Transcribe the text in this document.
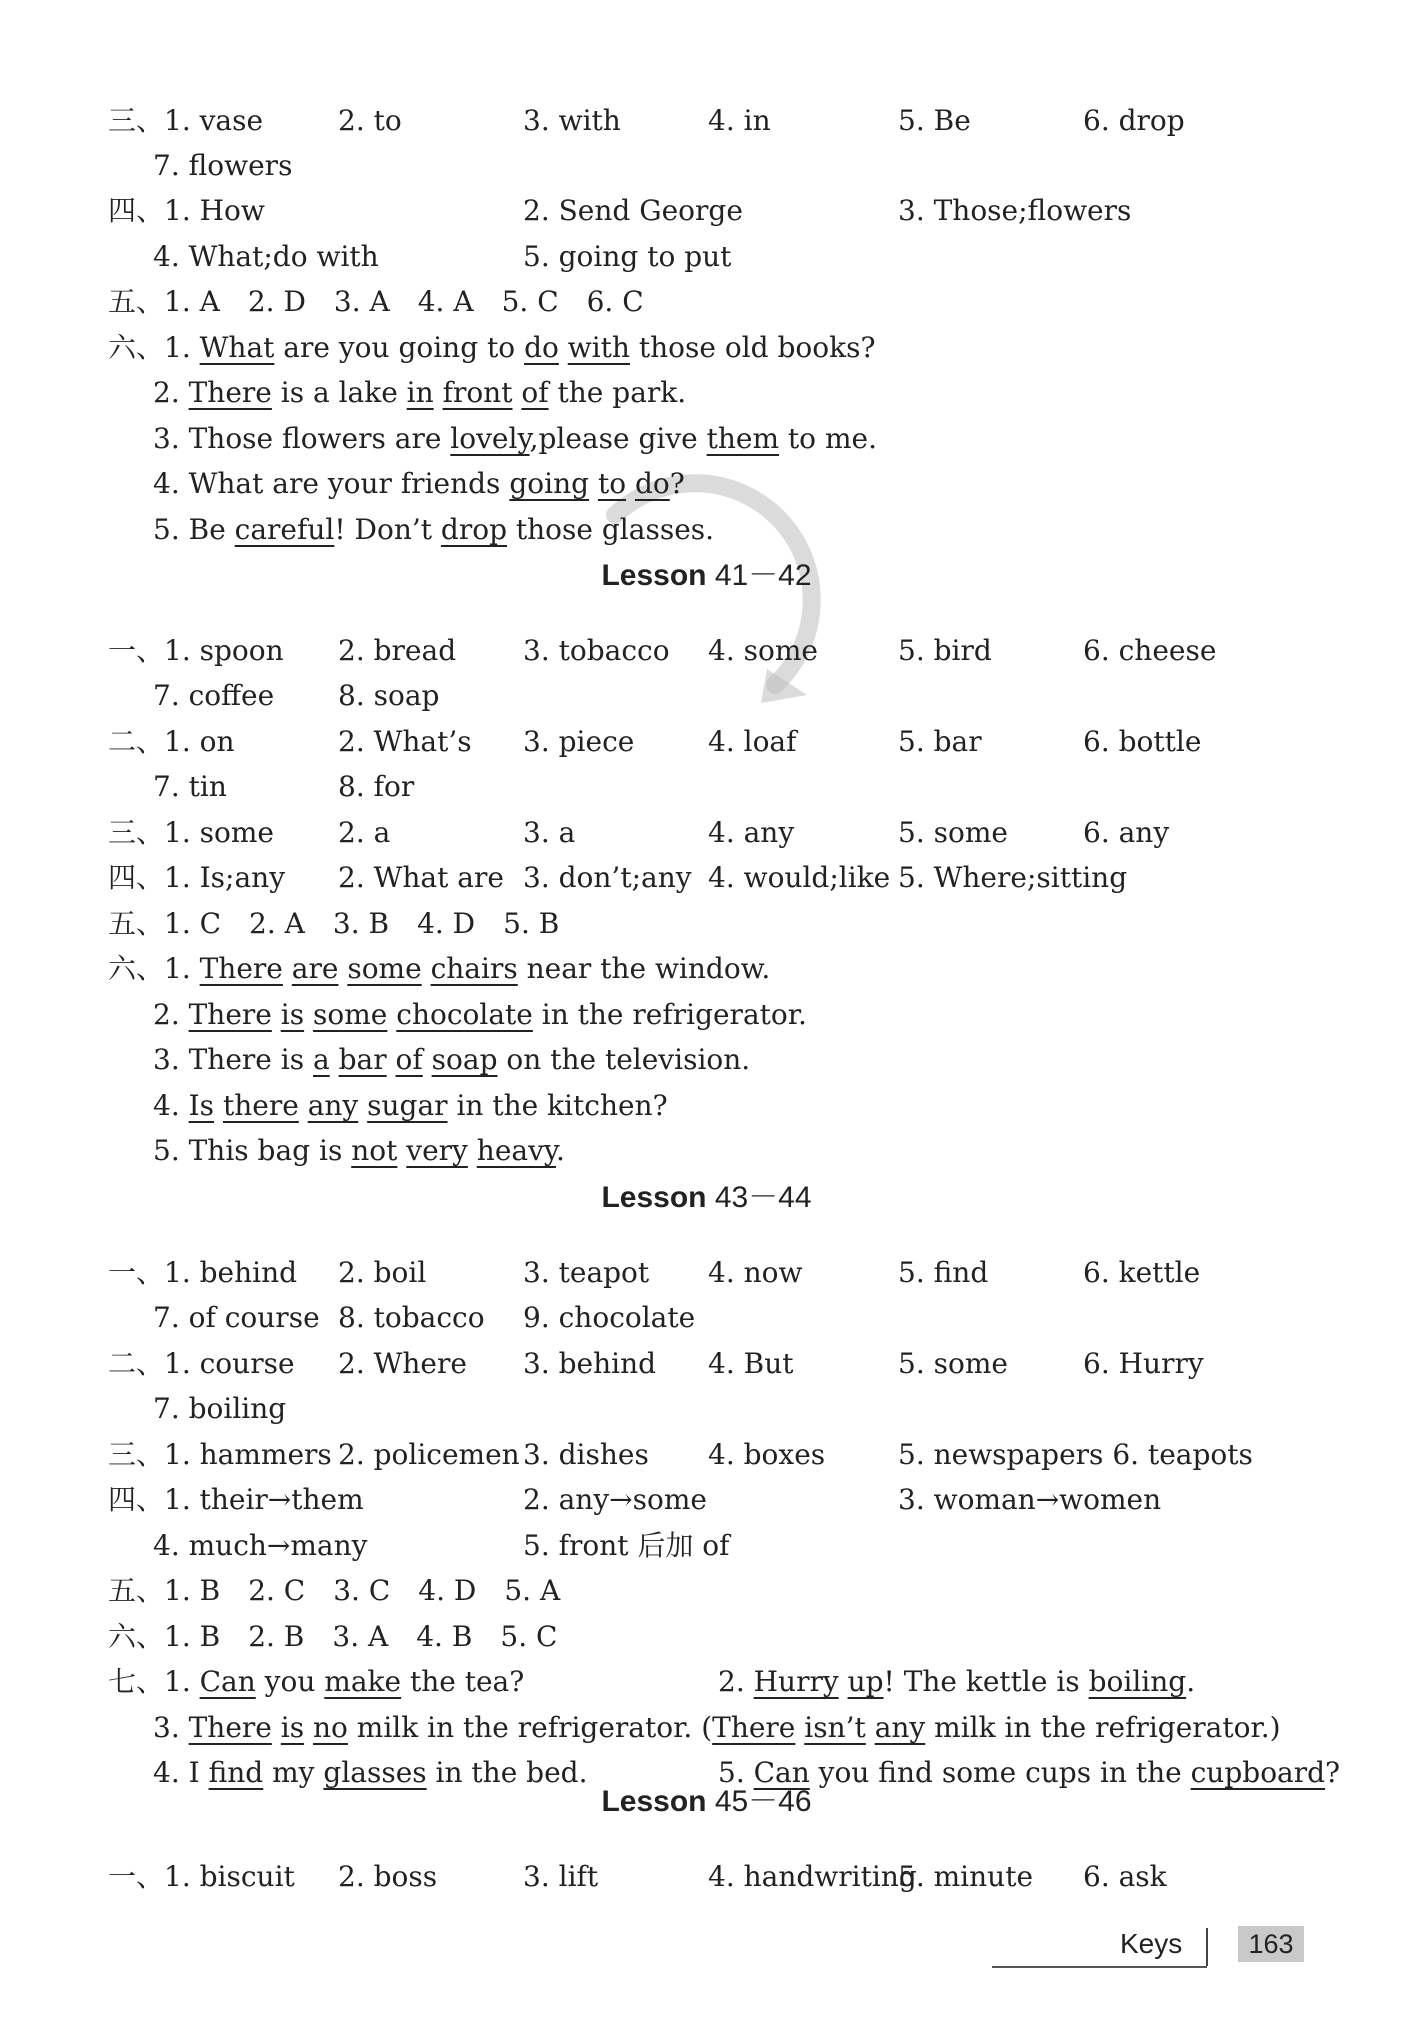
三、1. vase	2. to	3. with	4. in	5. Be	6. drop
7. flowers
四、1. How	2. Send George	3. Those;flowers
4. What;do with	5. going to put
五、1. A　2. D　3. A　4. A　5. C　6. C
六、1. What are you going to do with those old books?
2. There is a lake in front of the park.
3. Those flowers are lovely,please give them to me.
4. What are your friends going to do?
5. Be careful! Don’t drop those glasses.
一、1. spoon 2. bread 3. tobacco 4. some	5. bird	6. cheese
7. coffee 8. soap
二、1. on	2. What’s 3. piece	4. loaf	5. bar	6. bottle
7. tin	8. for
三、1. some 2. a	3. a	4. any	5. some	6. any
四、1. Is;any 2. What are 3. don’t;any 4. would;like 5. Where;sitting
五、1. C　2. A　3. B　4. D　5. B
六、1. There are some chairs near the window.
2. There is some chocolate in the refrigerator.
3. There is a bar of soap on the television.
4. Is there any sugar in the kitchen?
5. This bag is not very heavy.
一、1. behind 2. boil	3. teapot 4. now	5. find	6. kettle
7. of course 8. tobacco 9. chocolate
二、1. course 2. Where 3. behind 4. But	5. some	6. Hurry
7. boiling
三、1. hammers 2. policemen 3. dishes 4. boxes	5. newspapers 6. teapots
四、1. their→them	2. any→some	3. woman→women
4. much→many	5. front 后加 of
五、1. B　2. C　3. C　4. D　5. A
六、1. B　2. B　3. A　4. B　5. C
七、1. Can you make the tea?	2. Hurry up! The kettle is boiling.
3. There is no milk in the refrigerator. (There isn’t any milk in the refrigerator.)
4. I find my glasses in the bed.	5. Can you find some cups in the cupboard?
一、1. biscuit 2. boss	3. lift	4. handwriting
5. minute 6. ask
Lesson 41－42
Lesson 43－44
Lesson 45－46
Keys	163
